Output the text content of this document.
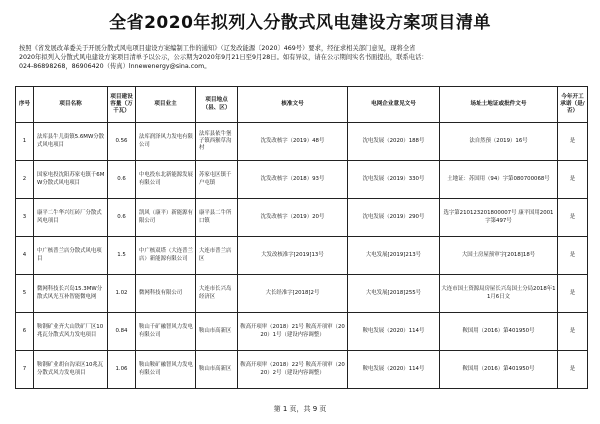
全省2020年拟列入分散式风电建设方案项目清单
按照《省发展改革委关于开展分散式风电项目建设方案编制工作的通知》（辽发改能源〔2020〕469号）要求，经征求相关部门意见，现将全省
2020年拟列入分散式风电建设方案项目清单予以公示，公示期为2020年9月21日至9月28日。如有异议，请在公示期间实名书面提出，联系电话：
024-86898268，86906420（传真）lnnewenergy@sina.com。
序号	项目名称	项目建设容量（万千瓦）	项目业主	项目地点（县、区）	核准文号	电网企业意见文号	场址土地证或批件文号	今年开工承诺（是/否）
1	法库县牛儿街镇5.6MW分散式风电项目	0.56	法库润泽风力发电有限公司	法库县依牛堡子镇西猴草沟村	沈发改核字（2019）48号	沈电发展（2020）188号	法自然预（2019）16号	是
2	国家电投沈阳苏家屯镇千6MW分散式风电项目	0.6	中电投东北新能源发展有限公司	苏家屯区镇千户屯镇	沈发改核字（2018）93号	沈电发展（2019）330号	土地证：苏国用（94）字第080700068号	是
3	康平二牛华兴红砖厂分散式风电项目	0.6	凯风（康平）新能源有限公司	康平县二牛所口镇	沈发改核字（2019）20号	沈电发展（2019）290号	选字第210123201800007号 康平国用2001字第497号	是
4	中广核普兰店分散式风电项目	1.5	中广核双塔（大连普兰店）新能源有限公司	大连市普兰店区	大发改核准字[2019]13号	大电发展[2019]213号	大国土房屋预审字[2018]18号	是
5	微网科技长兴岛15.3MW分散式风光互补智能微电网	1.02	微网科技有限公司	大连市长兴岛经济区	大长经准字[2018]2号	大电发展[2018]255号	大连市国土资源局房屋长兴岛国土分局2018年11月6日文	是
6	鞍钢矿业齐大山铁矿厂区10兆瓦分散式风力发电项目	0.84	鞍山千矿融智风力发电有限公司	鞍山市高新区	鞍高开项审（2018）21号 鞍高开项审（2020）1号（建设内容调整）	鞍电发展（2020）114号	鞍国用（2016）第401950号	是
7	鞍钢矿业胡台沟采区10兆瓦分散式风力发电项目	1.06	鞍山鞍矿融智风力发电有限公司	鞍山市高新区	鞍高开项审（2018）22号 鞍高开项审（2020）2号（建设内容调整）	鞍电发展（2020）114号	鞍国用（2016）第401950号	是
第 1 页，共 9 页
